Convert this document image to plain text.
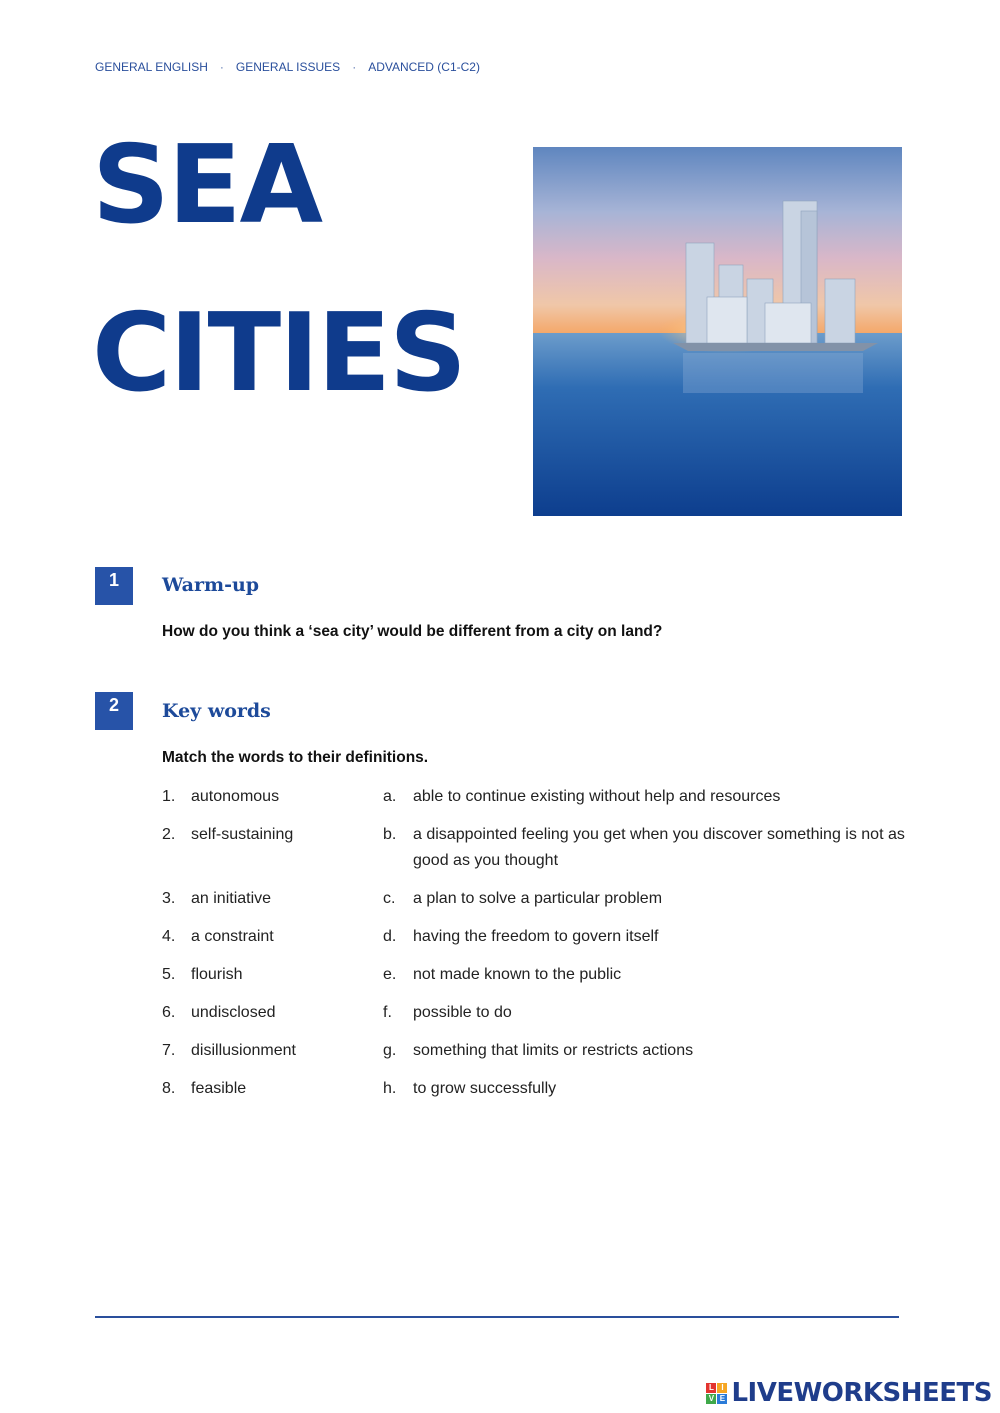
GENERAL ENGLISH · GENERAL ISSUES · ADVANCED (C1-C2)
SEA
CITIES
1	Warm-up
How do you think a ‘sea city’ would be different from a city on land?
2	Key words
Match the words to their definitions.
1. autonomous	a.	able to continue existing without help and resources
2. self-sustaining	b.	a disappointed feeling you get when you discover something is not as good as you thought
3. an initiative	c.	a plan to solve a particular problem
4. a constraint	d.	having the freedom to govern itself
5. flourish	e.	not made known to the public
6. undisclosed	f.	possible to do
7. disillusionment	g.	something that limits or restricts actions
8. feasible	h.	to grow successfully
L I
V E LIVEWORKSHEETS
